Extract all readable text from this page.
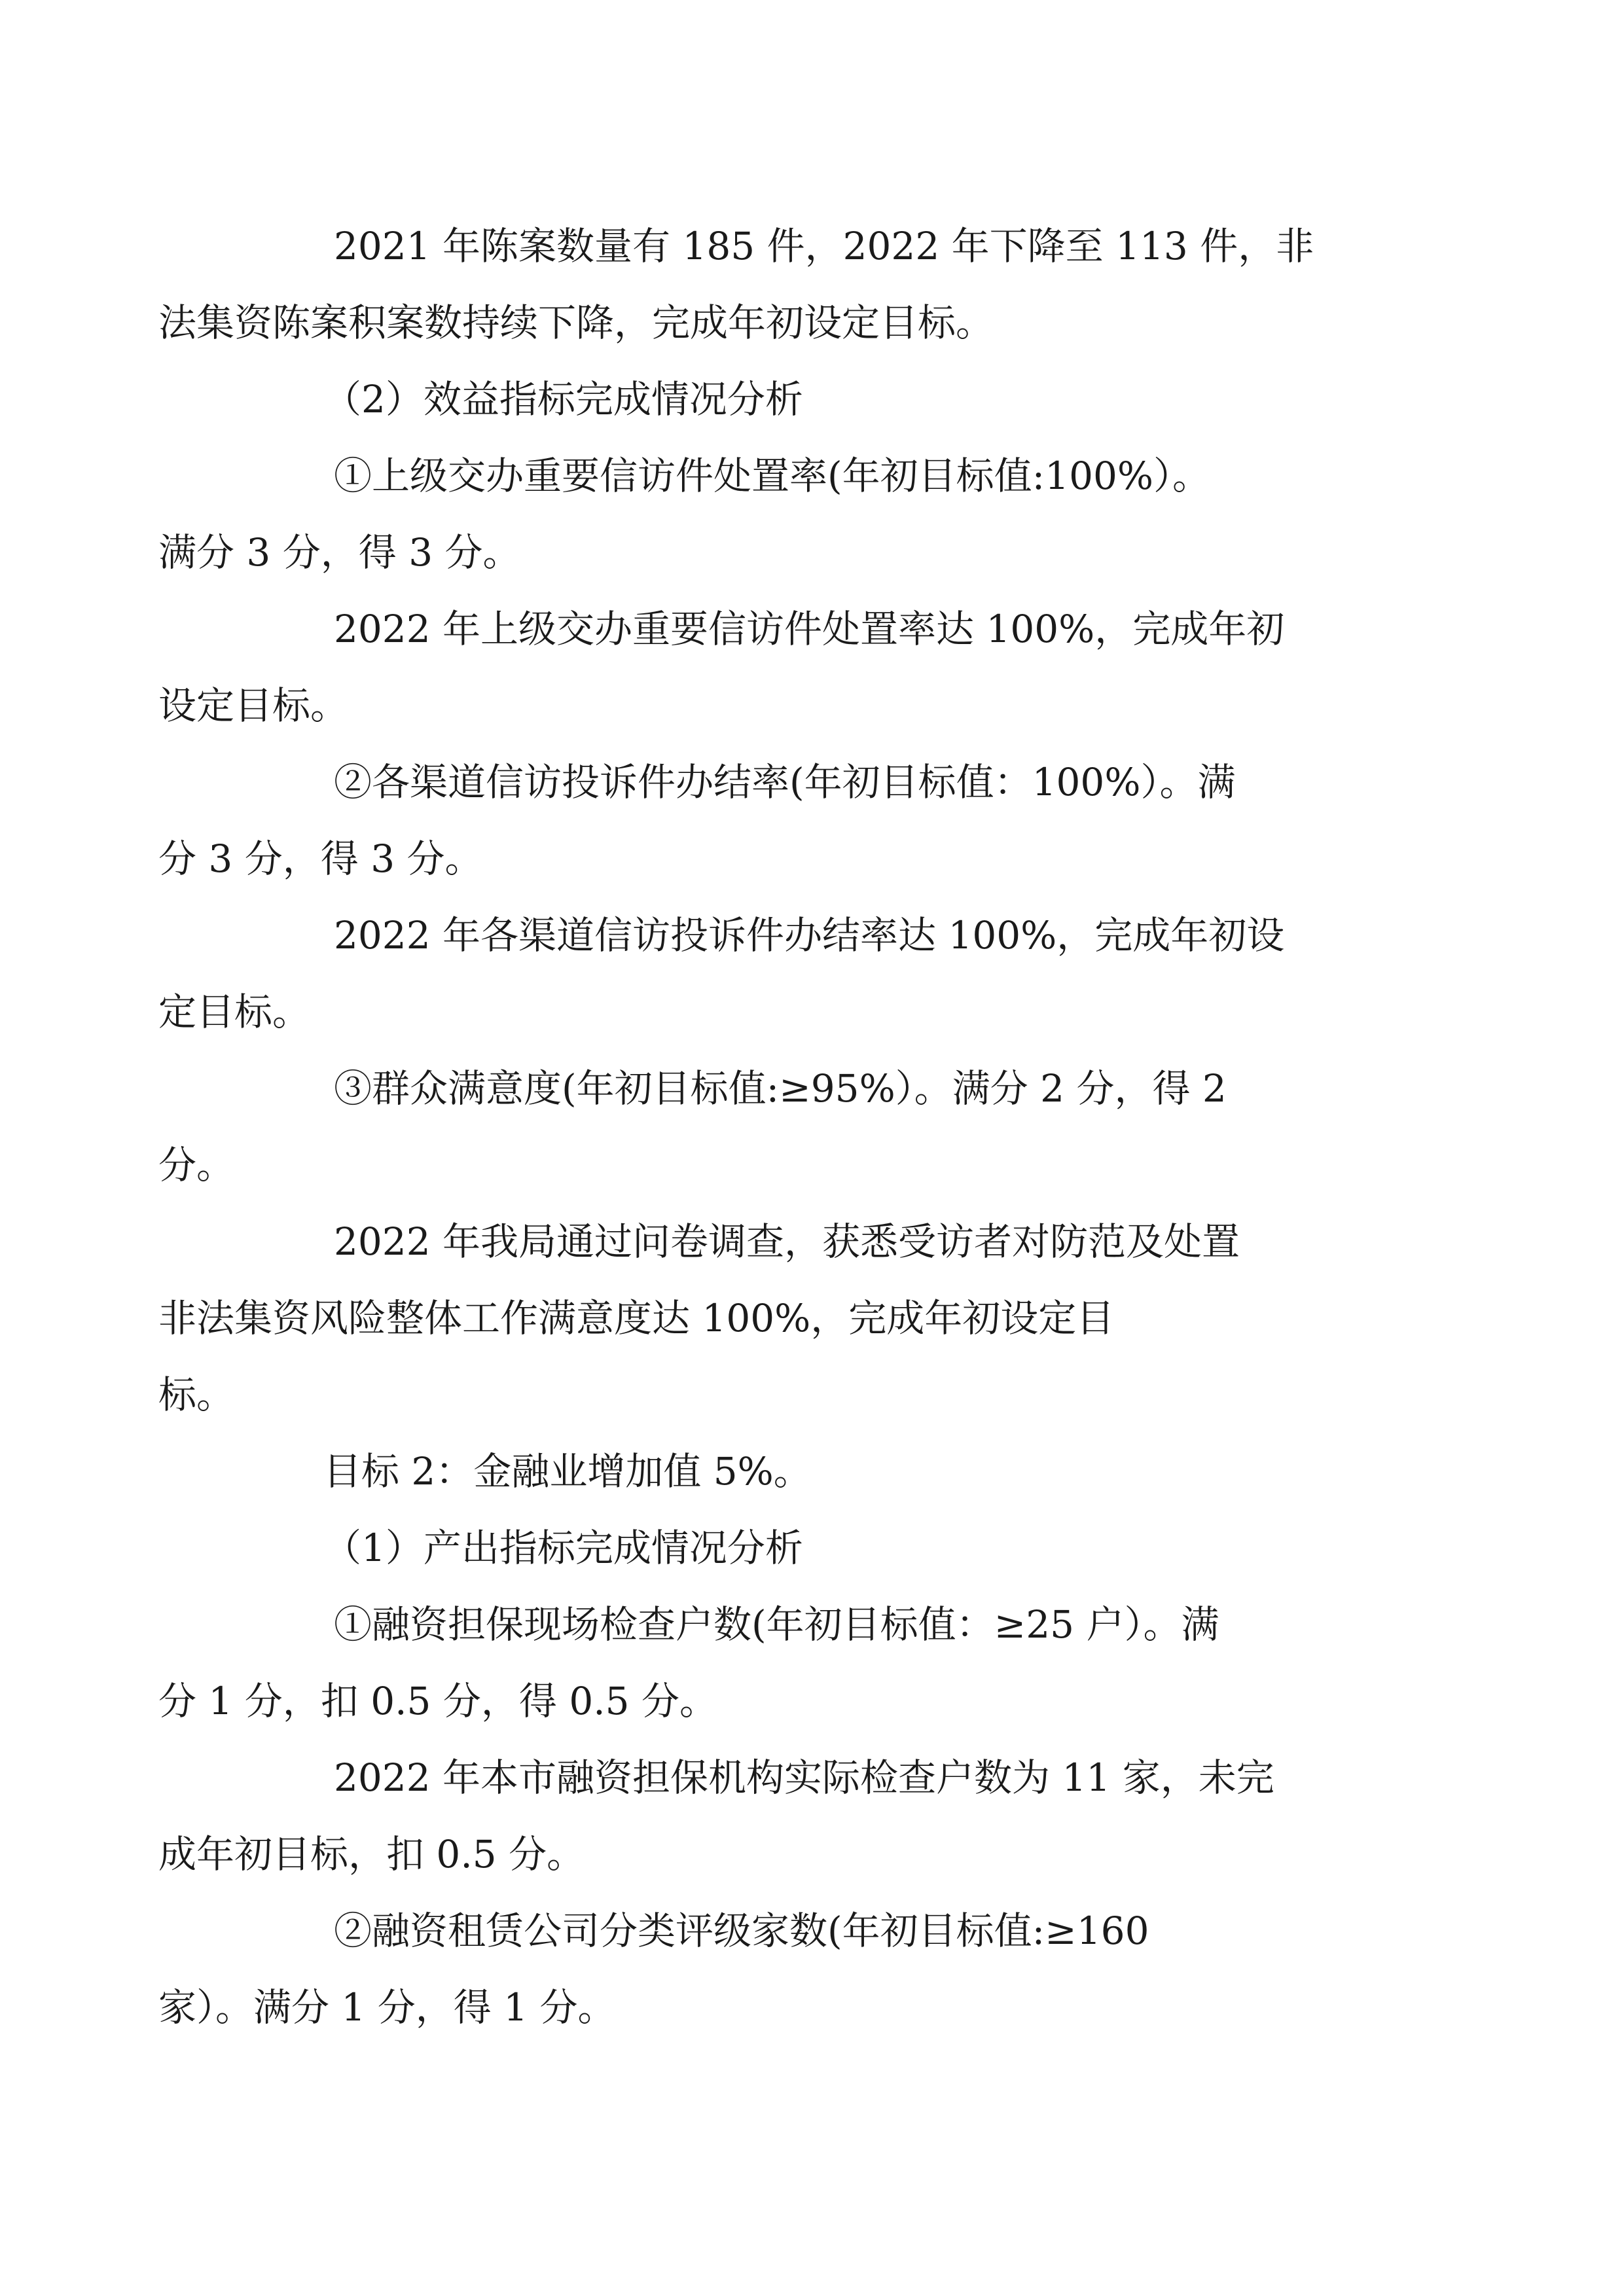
2021 年陈案数量有 185 件，2022 年下降至 113 件，非
法集资陈案积案数持续下降，完成年初设定目标。

（2）效益指标完成情况分析

①上级交办重要信访件处置率(年初目标值:100%）。
满分 3 分，得 3 分。

2022 年上级交办重要信访件处置率达 100%，完成年初
设定目标。

②各渠道信访投诉件办结率(年初目标值：100%）。满
分 3 分，得 3 分。

2022 年各渠道信访投诉件办结率达 100%，完成年初设
定目标。

③群众满意度(年初目标值:≥95%）。满分 2 分，得 2
分。

2022 年我局通过问卷调查，获悉受访者对防范及处置
非法集资风险整体工作满意度达 100%，完成年初设定目
标。

目标 2：金融业增加值 5%。

（1）产出指标完成情况分析

①融资担保现场检查户数(年初目标值：≥25 户）。满
分 1 分，扣 0.5 分，得 0.5 分。

2022 年本市融资担保机构实际检查户数为 11 家，未完
成年初目标，扣 0.5 分。

②融资租赁公司分类评级家数(年初目标值:≥160
家）。满分 1 分，得 1 分。
